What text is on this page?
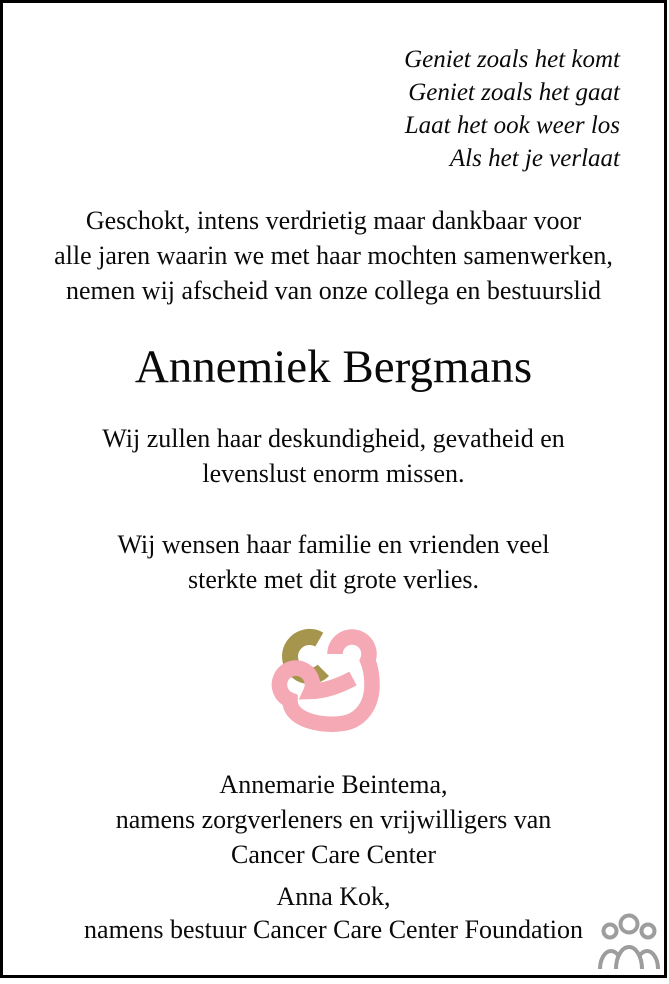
Geniet zoals het komt
Geniet zoals het gaat
Laat het ook weer los
Als het je verlaat
Geschokt, intens verdrietig maar dankbaar voor
alle jaren waarin we met haar mochten samenwerken,
nemen wij afscheid van onze collega en bestuurslid
Annemiek Bergmans
Wij zullen haar deskundigheid, gevatheid en
levenslust enorm missen.
Wij wensen haar familie en vrienden veel
sterkte met dit grote verlies.
Annemarie Beintema,
namens zorgverleners en vrijwilligers van
Cancer Care Center
Anna Kok,
namens bestuur Cancer Care Center Foundation
